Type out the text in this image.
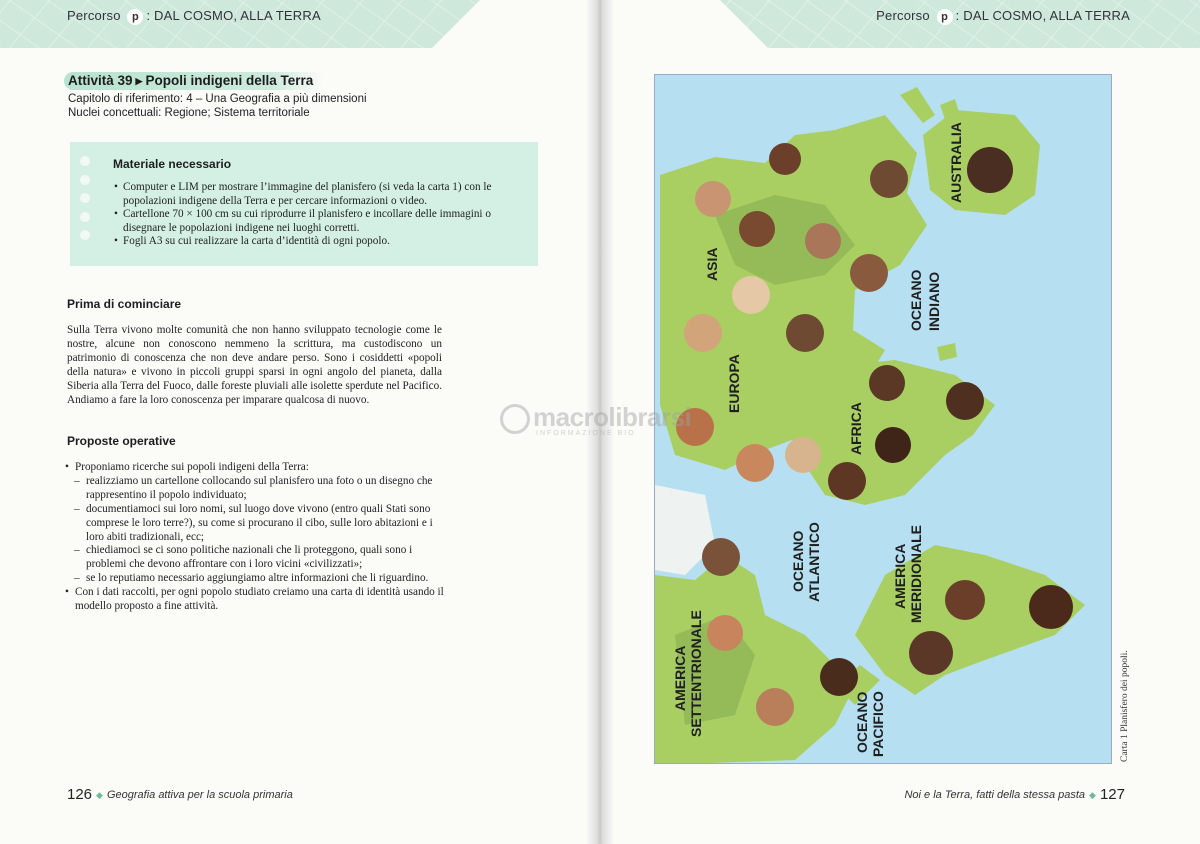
Percorso p : DAL COSMO, ALLA TERRA
Attività 39 ▶ Popoli indigeni della Terra
Capitolo di riferimento: 4 – Una Geografia a più dimensioni
Nuclei concettuali: Regione; Sistema territoriale
Materiale necessario
• Computer e LIM per mostrare l’immagine del planisfero (si veda la carta 1) con le popolazioni indigene della Terra e per cercare informazioni o video.
• Cartellone 70 × 100 cm su cui riprodurre il planisfero e incollare delle immagini o disegnare le popolazioni indigene nei luoghi corretti.
• Fogli A3 su cui realizzare la carta d’identità di ogni popolo.
Prima di cominciare
Sulla Terra vivono molte comunità che non hanno sviluppato tecnologie come le nostre, alcune non conoscono nemmeno la scrittura, ma custodiscono un patrimonio di conoscenza che non deve andare perso. Sono i cosiddetti «popoli della natura» e vivono in piccoli gruppi sparsi in ogni angolo del pianeta, dalla Siberia alla Terra del Fuoco, dalle foreste pluviali alle isolette sperdute nel Pacifico. Andiamo a fare la loro conoscenza per imparare qualcosa di nuovo.
Proposte operative
• Proponiamo ricerche sui popoli indigeni della Terra:
– realizziamo un cartellone collocando sul planisfero una foto o un disegno che rappresentino il popolo individuato;
– documentiamoci sui loro nomi, sul luogo dove vivono (entro quali Stati sono comprese le loro terre?), su come si procurano il cibo, sulle loro abitazioni e i loro abiti tradizionali, ecc;
– chiediamoci se ci sono politiche nazionali che li proteggono, quali sono i problemi che devono affrontare con i loro vicini «civilizzati»;
– se lo reputiamo necessario aggiungiamo altre informazioni che li riguardino.
• Con i dati raccolti, per ogni popolo studiato creiamo una carta di identità usando il modello proposto a fine attività.
126 ◆ Geografia attiva per la scuola primaria
Percorso p : DAL COSMO, ALLA TERRA
AUSTRALIA
ASIA
OCEANO INDIANO
EUROPA
AFRICA
OCEANO ATLANTICO	AMERICA MERIDIONALE
AMERICA SETTENTRIONALE	OCEANO PACIFICO	Carta 1 Planisfero dei popoli.
Noi e la Terra, fatti della stessa pasta ◆ 127
macrolibrarsi
INFORMAZIONE BIO
